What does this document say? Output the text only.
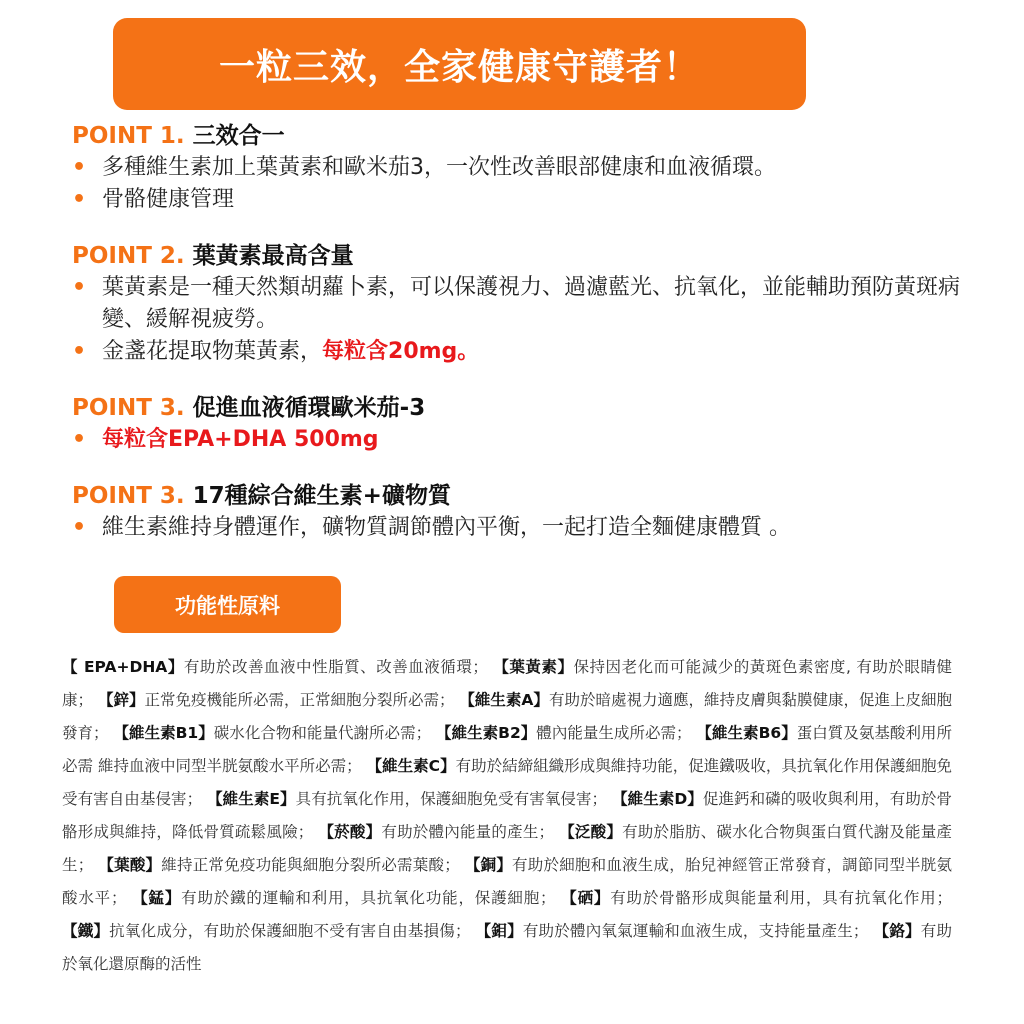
一粒三效，全家健康守護者！
POINT 1. 三效合一
• 多種維生素加上葉黃素和歐米茄3，一次性改善眼部健康和血液循環。
• 骨骼健康管理
POINT 2. 葉黃素最高含量
• 葉黃素是一種天然類胡蘿卜素，可以保護視力、過濾藍光、抗氧化，並能輔助預防黃斑病變、緩解視疲勞。
• 金盞花提取物葉黃素，每粒含20mg。
POINT 3. 促進血液循環歐米茄-3
• 每粒含EPA+DHA 500mg
POINT 3. 17種綜合維生素+礦物質
• 維生素維持身體運作，礦物質調節體內平衡，一起打造全麵健康體質 。
功能性原料
【 EPA+DHA】有助於改善血液中性脂質、改善血液循環； 【葉黃素】保持因老化而可能減少的黃斑色素密度, 有助於眼睛健康； 【鋅】正常免疫機能所必需，正常細胞分裂所必需； 【維生素A】有助於暗處視力適應，維持皮膚與黏膜健康，促進上皮細胞發育； 【維生素B1】碳水化合物和能量代謝所必需； 【維生素B2】體內能量生成所必需； 【維生素B6】蛋白質及氨基酸利用所必需 維持血液中同型半胱氨酸水平所必需； 【維生素C】有助於結締組織形成與維持功能，促進鐵吸收，具抗氧化作用保護細胞免受有害自由基侵害； 【維生素E】具有抗氧化作用，保護細胞免受有害氧侵害； 【維生素D】促進鈣和磷的吸收與利用，有助於骨骼形成與維持，降低骨質疏鬆風險； 【菸酸】有助於體內能量的產生； 【泛酸】有助於脂肪、碳水化合物與蛋白質代謝及能量產生； 【葉酸】維持正常免疫功能與細胞分裂所必需葉酸； 【銅】有助於細胞和血液生成，胎兒神經管正常發育，調節同型半胱氨酸水平； 【錳】有助於鐵的運輸和利用，具抗氧化功能，保護細胞； 【硒】有助於骨骼形成與能量利用，具有抗氧化作用； 【鐵】抗氧化成分，有助於保護細胞不受有害自由基損傷； 【鉬】有助於體內氧氣運輸和血液生成，支持能量產生； 【鉻】有助於氧化還原酶的活性
